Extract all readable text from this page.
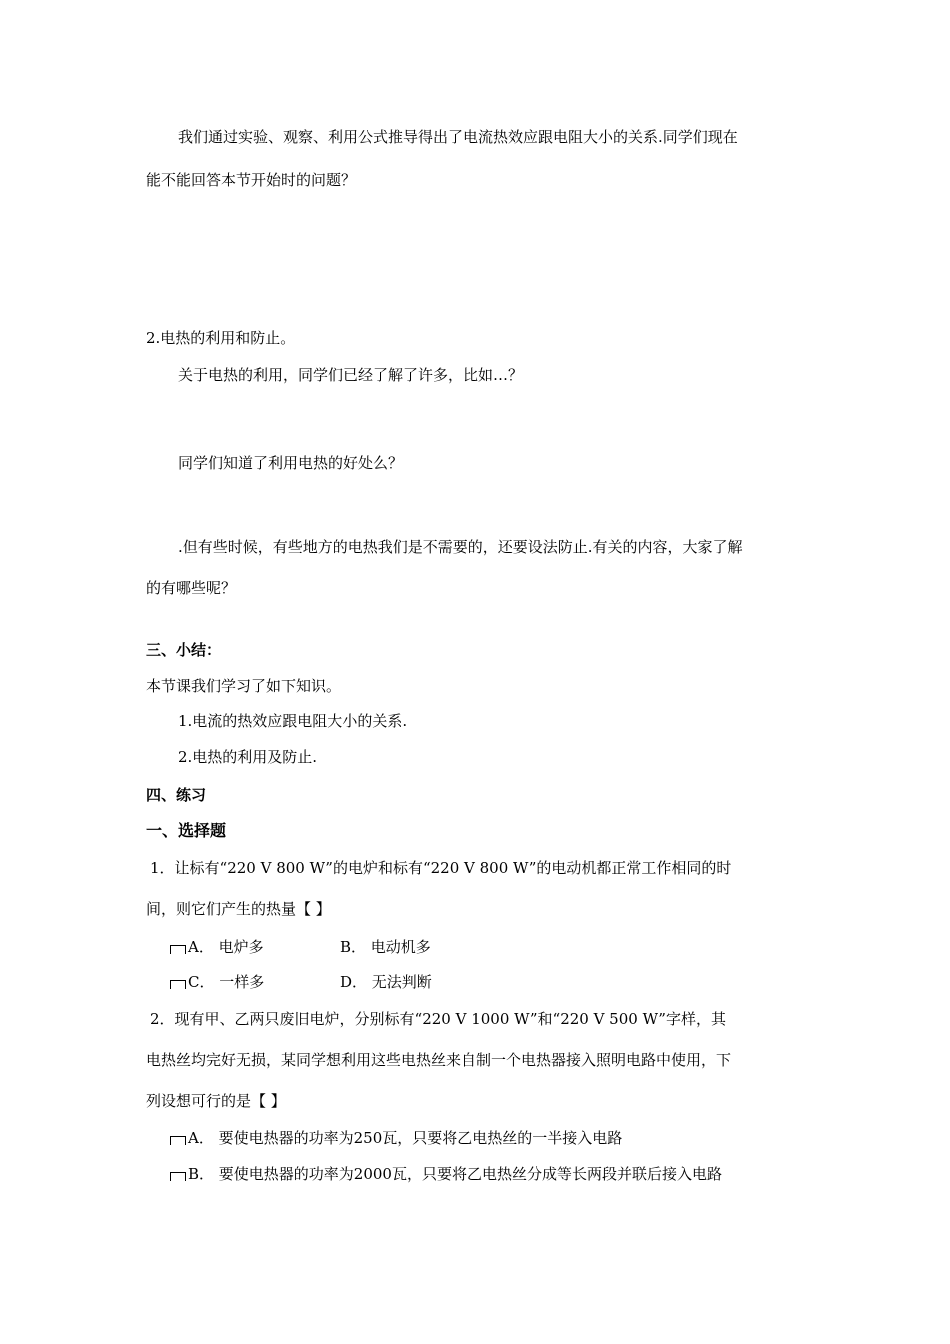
我们通过实验、观察、利用公式推导得出了电流热效应跟电阻大小的关系.同学们现在
能不能回答本节开始时的问题？
2.电热的利用和防止。
关于电热的利用，同学们已经了解了许多，比如…？
同学们知道了利用电热的好处么？
.但有些时候，有些地方的电热我们是不需要的，还要设法防止.有关的内容，大家了解
的有哪些呢？
三、小结：
本节课我们学习了如下知识。
1.电流的热效应跟电阻大小的关系.
2.电热的利用及防止.
四、练习
一、选择题
1．让标有“220 V 800 W”的电炉和标有“220 V 800 W”的电动机都正常工作相同的时
间，则它们产生的热量【 】
A． 电炉多	B． 电动机多
C． 一样多	D． 无法判断
2．现有甲、乙两只废旧电炉，分别标有“220 V 1000 W”和“220 V 500 W”字样，其
电热丝均完好无损，某同学想利用这些电热丝来自制一个电热器接入照明电路中使用，下
列设想可行的是【 】
A． 要使电热器的功率为250瓦，只要将乙电热丝的一半接入电路
B． 要使电热器的功率为2000瓦，只要将乙电热丝分成等长两段并联后接入电路
